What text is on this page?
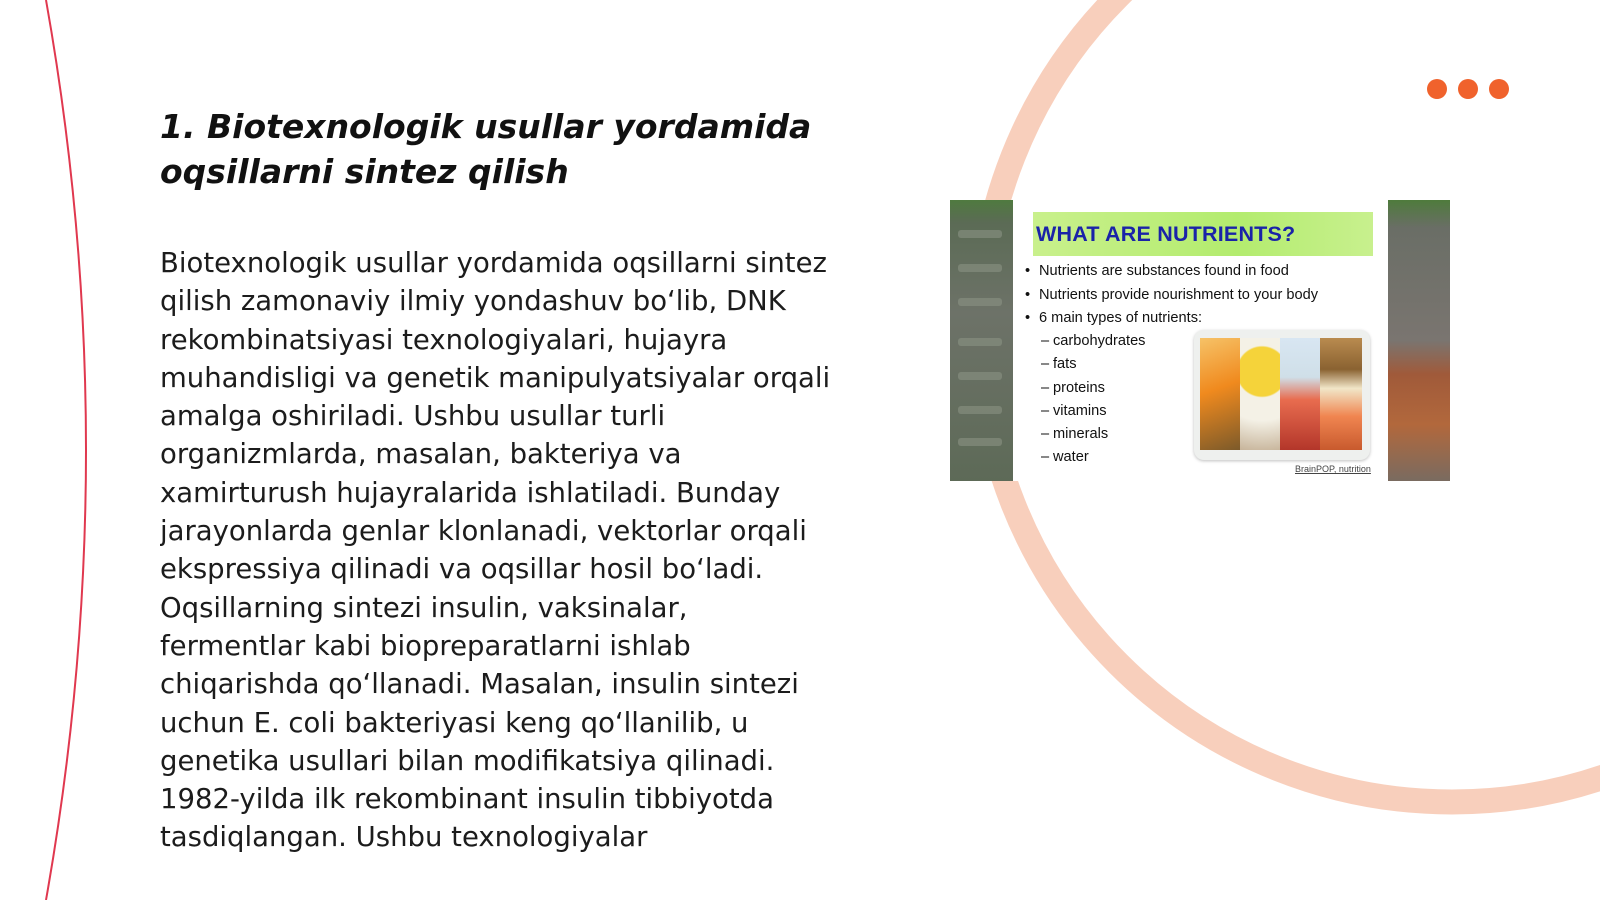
1. Biotexnologik usullar yordamida oqsillarni sintez qilish

Biotexnologik usullar yordamida oqsillarni sintez qilish zamonaviy ilmiy yondashuv bo‘lib, DNK rekombinatsiyasi texnologiyalari, hujayra muhandisligi va genetik manipulyatsiyalar orqali amalga oshiriladi. Ushbu usullar turli organizmlarda, masalan, bakteriya va xamirturush hujayralarida ishlatiladi. Bunday jarayonlarda genlar klonlanadi, vektorlar orqali ekspressiya qilinadi va oqsillar hosil bo‘ladi. Oqsillarning sintezi insulin, vaksinalar, fermentlar kabi biopreparatlarni ishlab chiqarishda qo‘llanadi. Masalan, insulin sintezi uchun E. coli bakteriyasi keng qo‘llanilib, u genetika usullari bilan modifikatsiya qilinadi. 1982-yilda ilk rekombinant insulin tibbiyotda tasdiqlangan. Ushbu texnologiyalar

WHAT ARE NUTRIENTS?
• Nutrients are substances found in food
• Nutrients provide nourishment to your body
• 6 main types of nutrients:
– carbohydrates
– fats
– proteins
– vitamins
– minerals
– water
BrainPOP, nutrition
